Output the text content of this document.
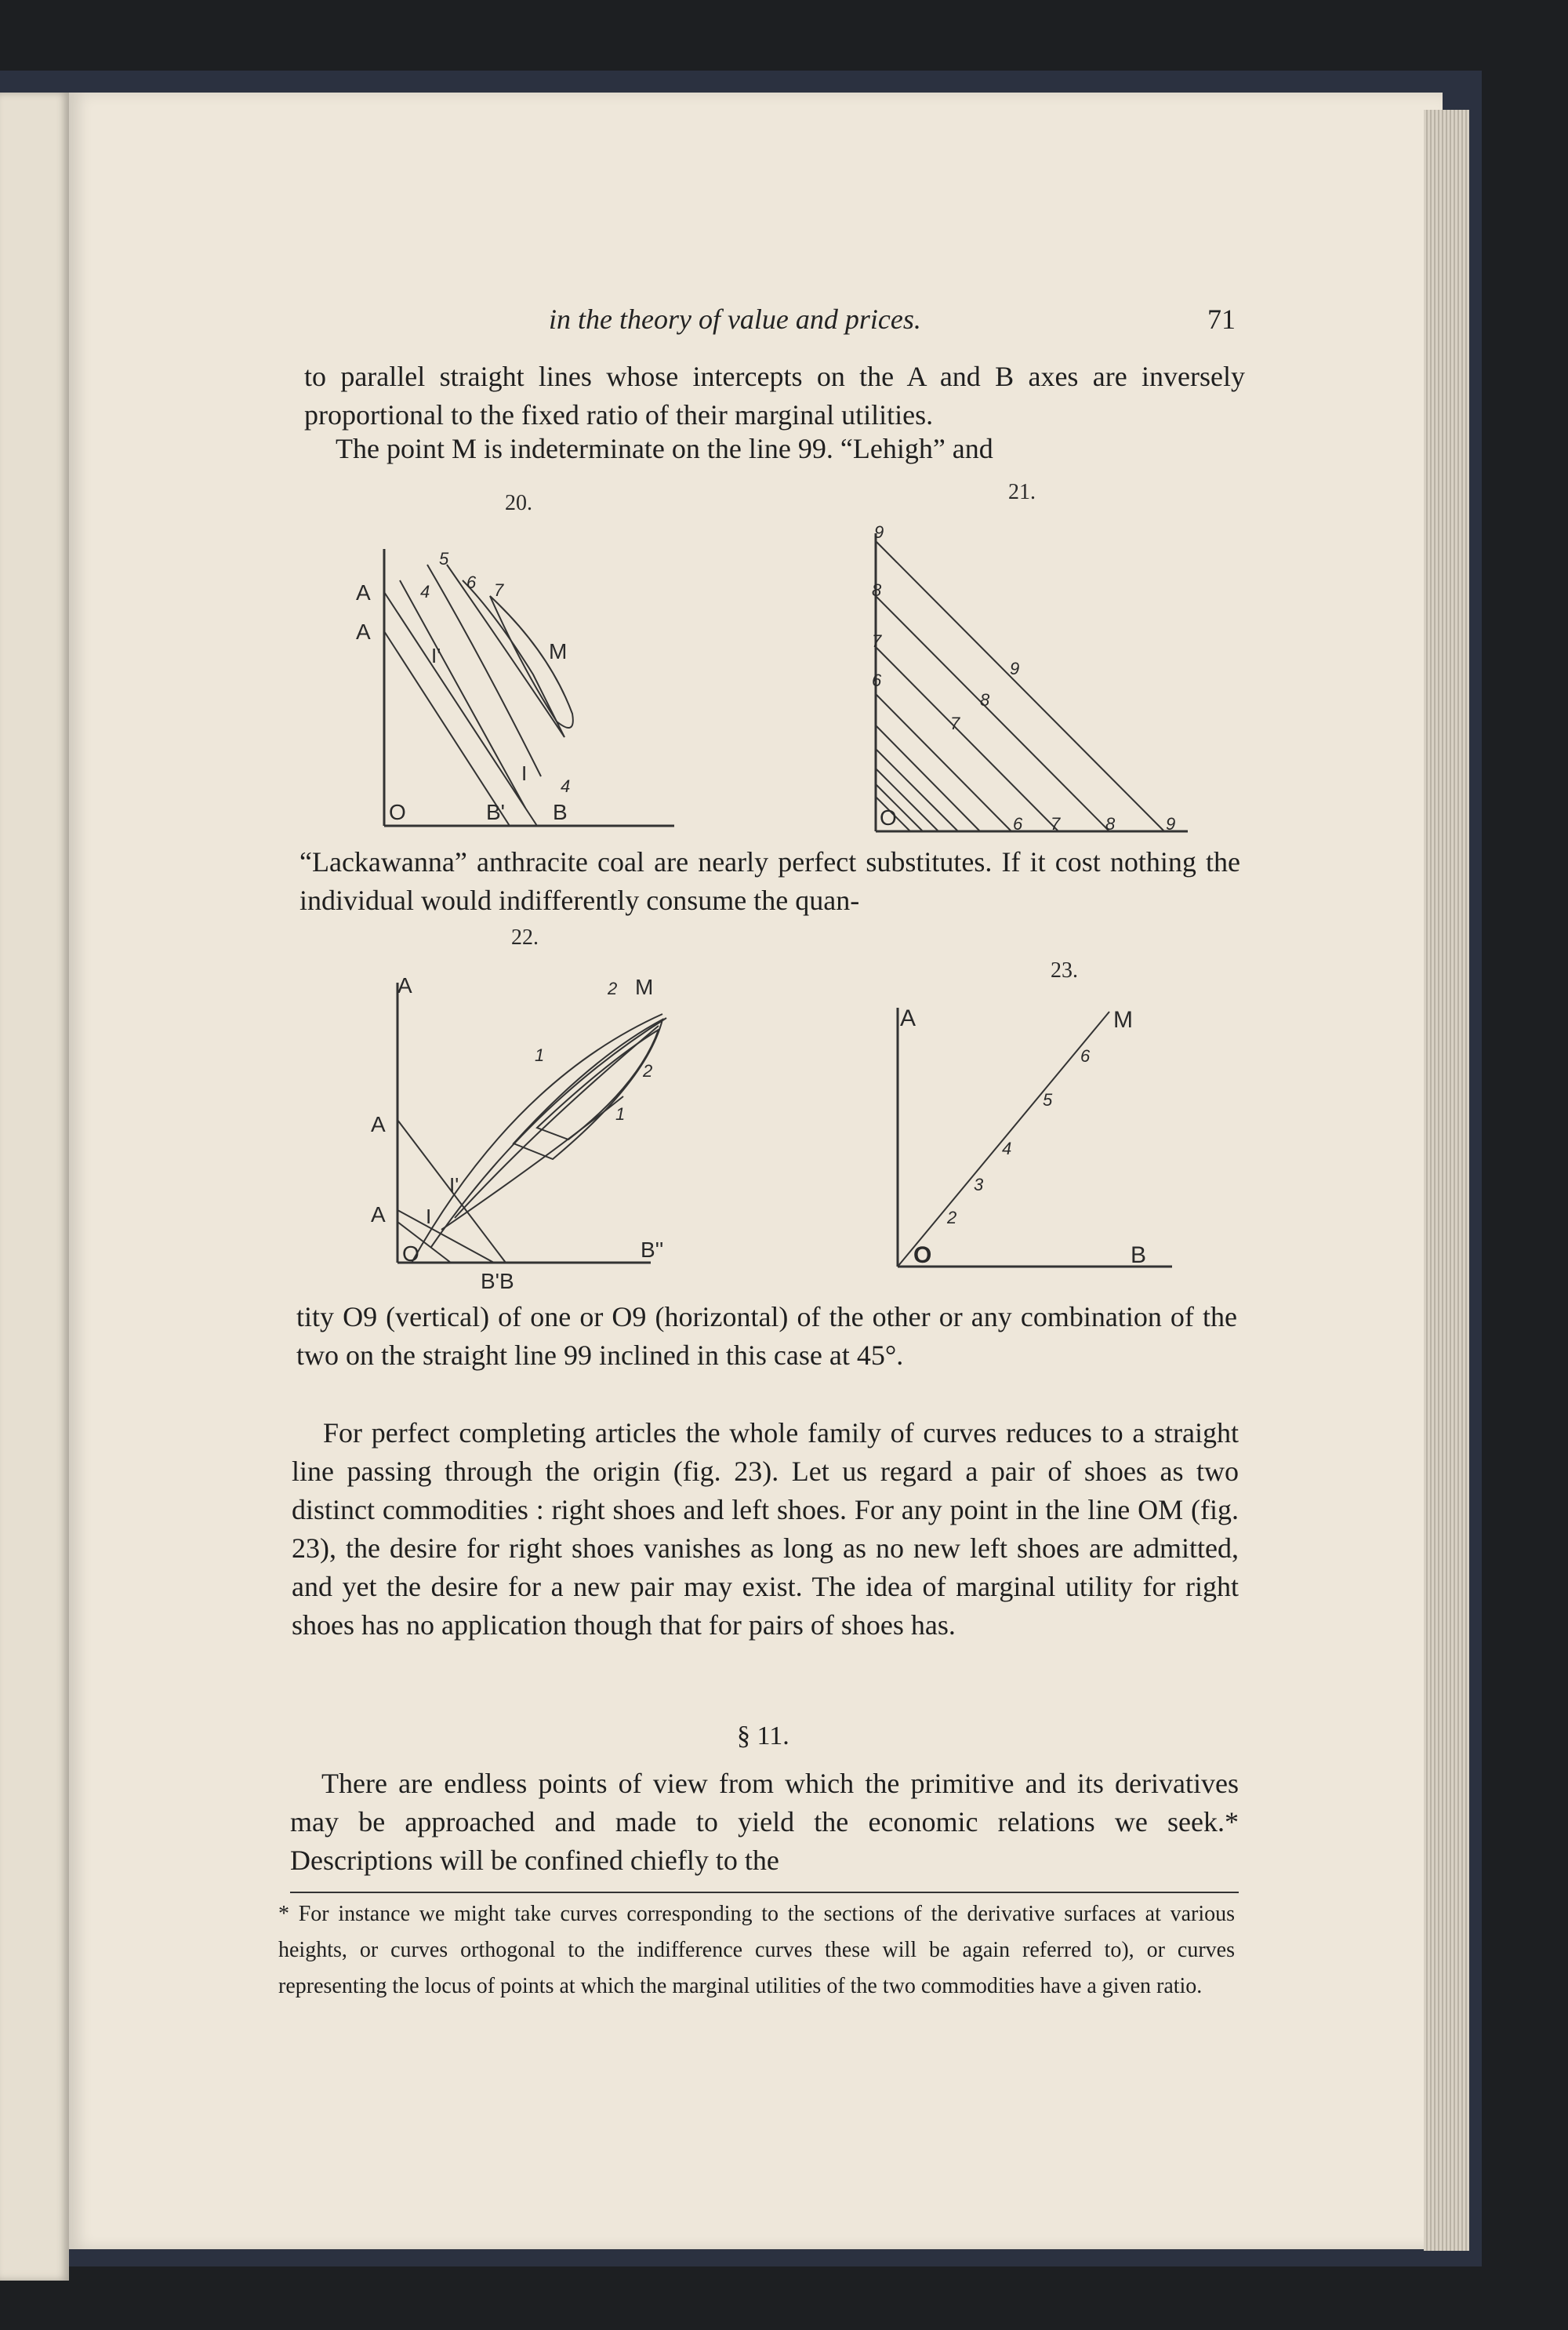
in the theory of value and prices.	71
to parallel straight lines whose intercepts on the A and B axes are inversely proportional to the fixed ratio of their marginal utilities.
The point M is indeterminate on the line 99. “Lehigh” and
20.
A
A
O	B' B
M
I'
I
4
5
6 7
4
21.
O
9
8
7
6
9
8
7
6 7	8	9
“Lackawanna” anthracite coal are nearly perfect substitutes. If it cost nothing the individual would indifferently consume the quan-
22.
A
A
A
O	B''
B'B
M
2
1
2
1
I'
I
23.
A
O	B
M
2
3
4
5
6
tity O9 (vertical) of one or O9 (horizontal) of the other or any combination of the two on the straight line 99 inclined in this case at 45°.
For perfect completing articles the whole family of curves reduces to a straight line passing through the origin (fig. 23). Let us regard a pair of shoes as two distinct commodities : right shoes and left shoes. For any point in the line OM (fig. 23), the desire for right shoes vanishes as long as no new left shoes are admitted, and yet the desire for a new pair may exist. The idea of marginal utility for right shoes has no application though that for pairs of shoes has.
§ 11.
There are endless points of view from which the primitive and its derivatives may be approached and made to yield the economic relations we seek.* Descriptions will be confined chiefly to the
* For instance we might take curves corresponding to the sections of the derivative surfaces at various heights, or curves orthogonal to the indifference curves these will be again referred to), or curves representing the locus of points at which the marginal utilities of the two commodities have a given ratio.
